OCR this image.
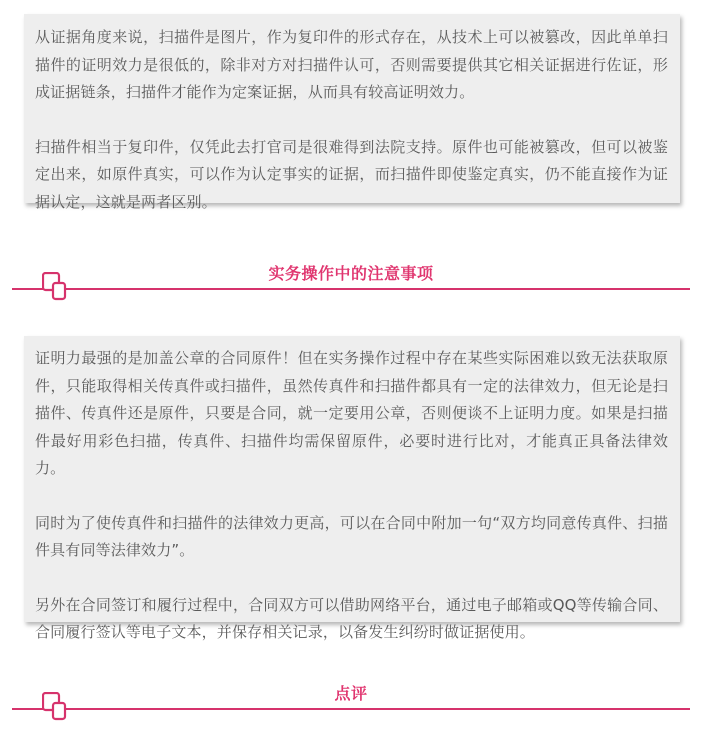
从证据角度来说，扫描件是图片，作为复印件的形式存在，从技术上可以被篡改，因此单单扫描件的证明效力是很低的，除非对方对扫描件认可，否则需要提供其它相关证据进行佐证，形成证据链条，扫描件才能作为定案证据，从而具有较高证明效力。

扫描件相当于复印件，仅凭此去打官司是很难得到法院支持。原件也可能被篡改，但可以被鉴定出来，如原件真实，可以作为认定事实的证据，而扫描件即使鉴定真实，仍不能直接作为证据认定，这就是两者区别。

实务操作中的注意事项

证明力最强的是加盖公章的合同原件！但在实务操作过程中存在某些实际困难以致无法获取原件，只能取得相关传真件或扫描件，虽然传真件和扫描件都具有一定的法律效力，但无论是扫描件、传真件还是原件，只要是合同，就一定要用公章，否则便谈不上证明力度。如果是扫描件最好用彩色扫描，传真件、扫描件均需保留原件，必要时进行比对，才能真正具备法律效力。

同时为了使传真件和扫描件的法律效力更高，可以在合同中附加一句“双方均同意传真件、扫描件具有同等法律效力”。

另外在合同签订和履行过程中，合同双方可以借助网络平台，通过电子邮箱或QQ等传输合同、合同履行签认等电子文本，并保存相关记录，以备发生纠纷时做证据使用。

点评
